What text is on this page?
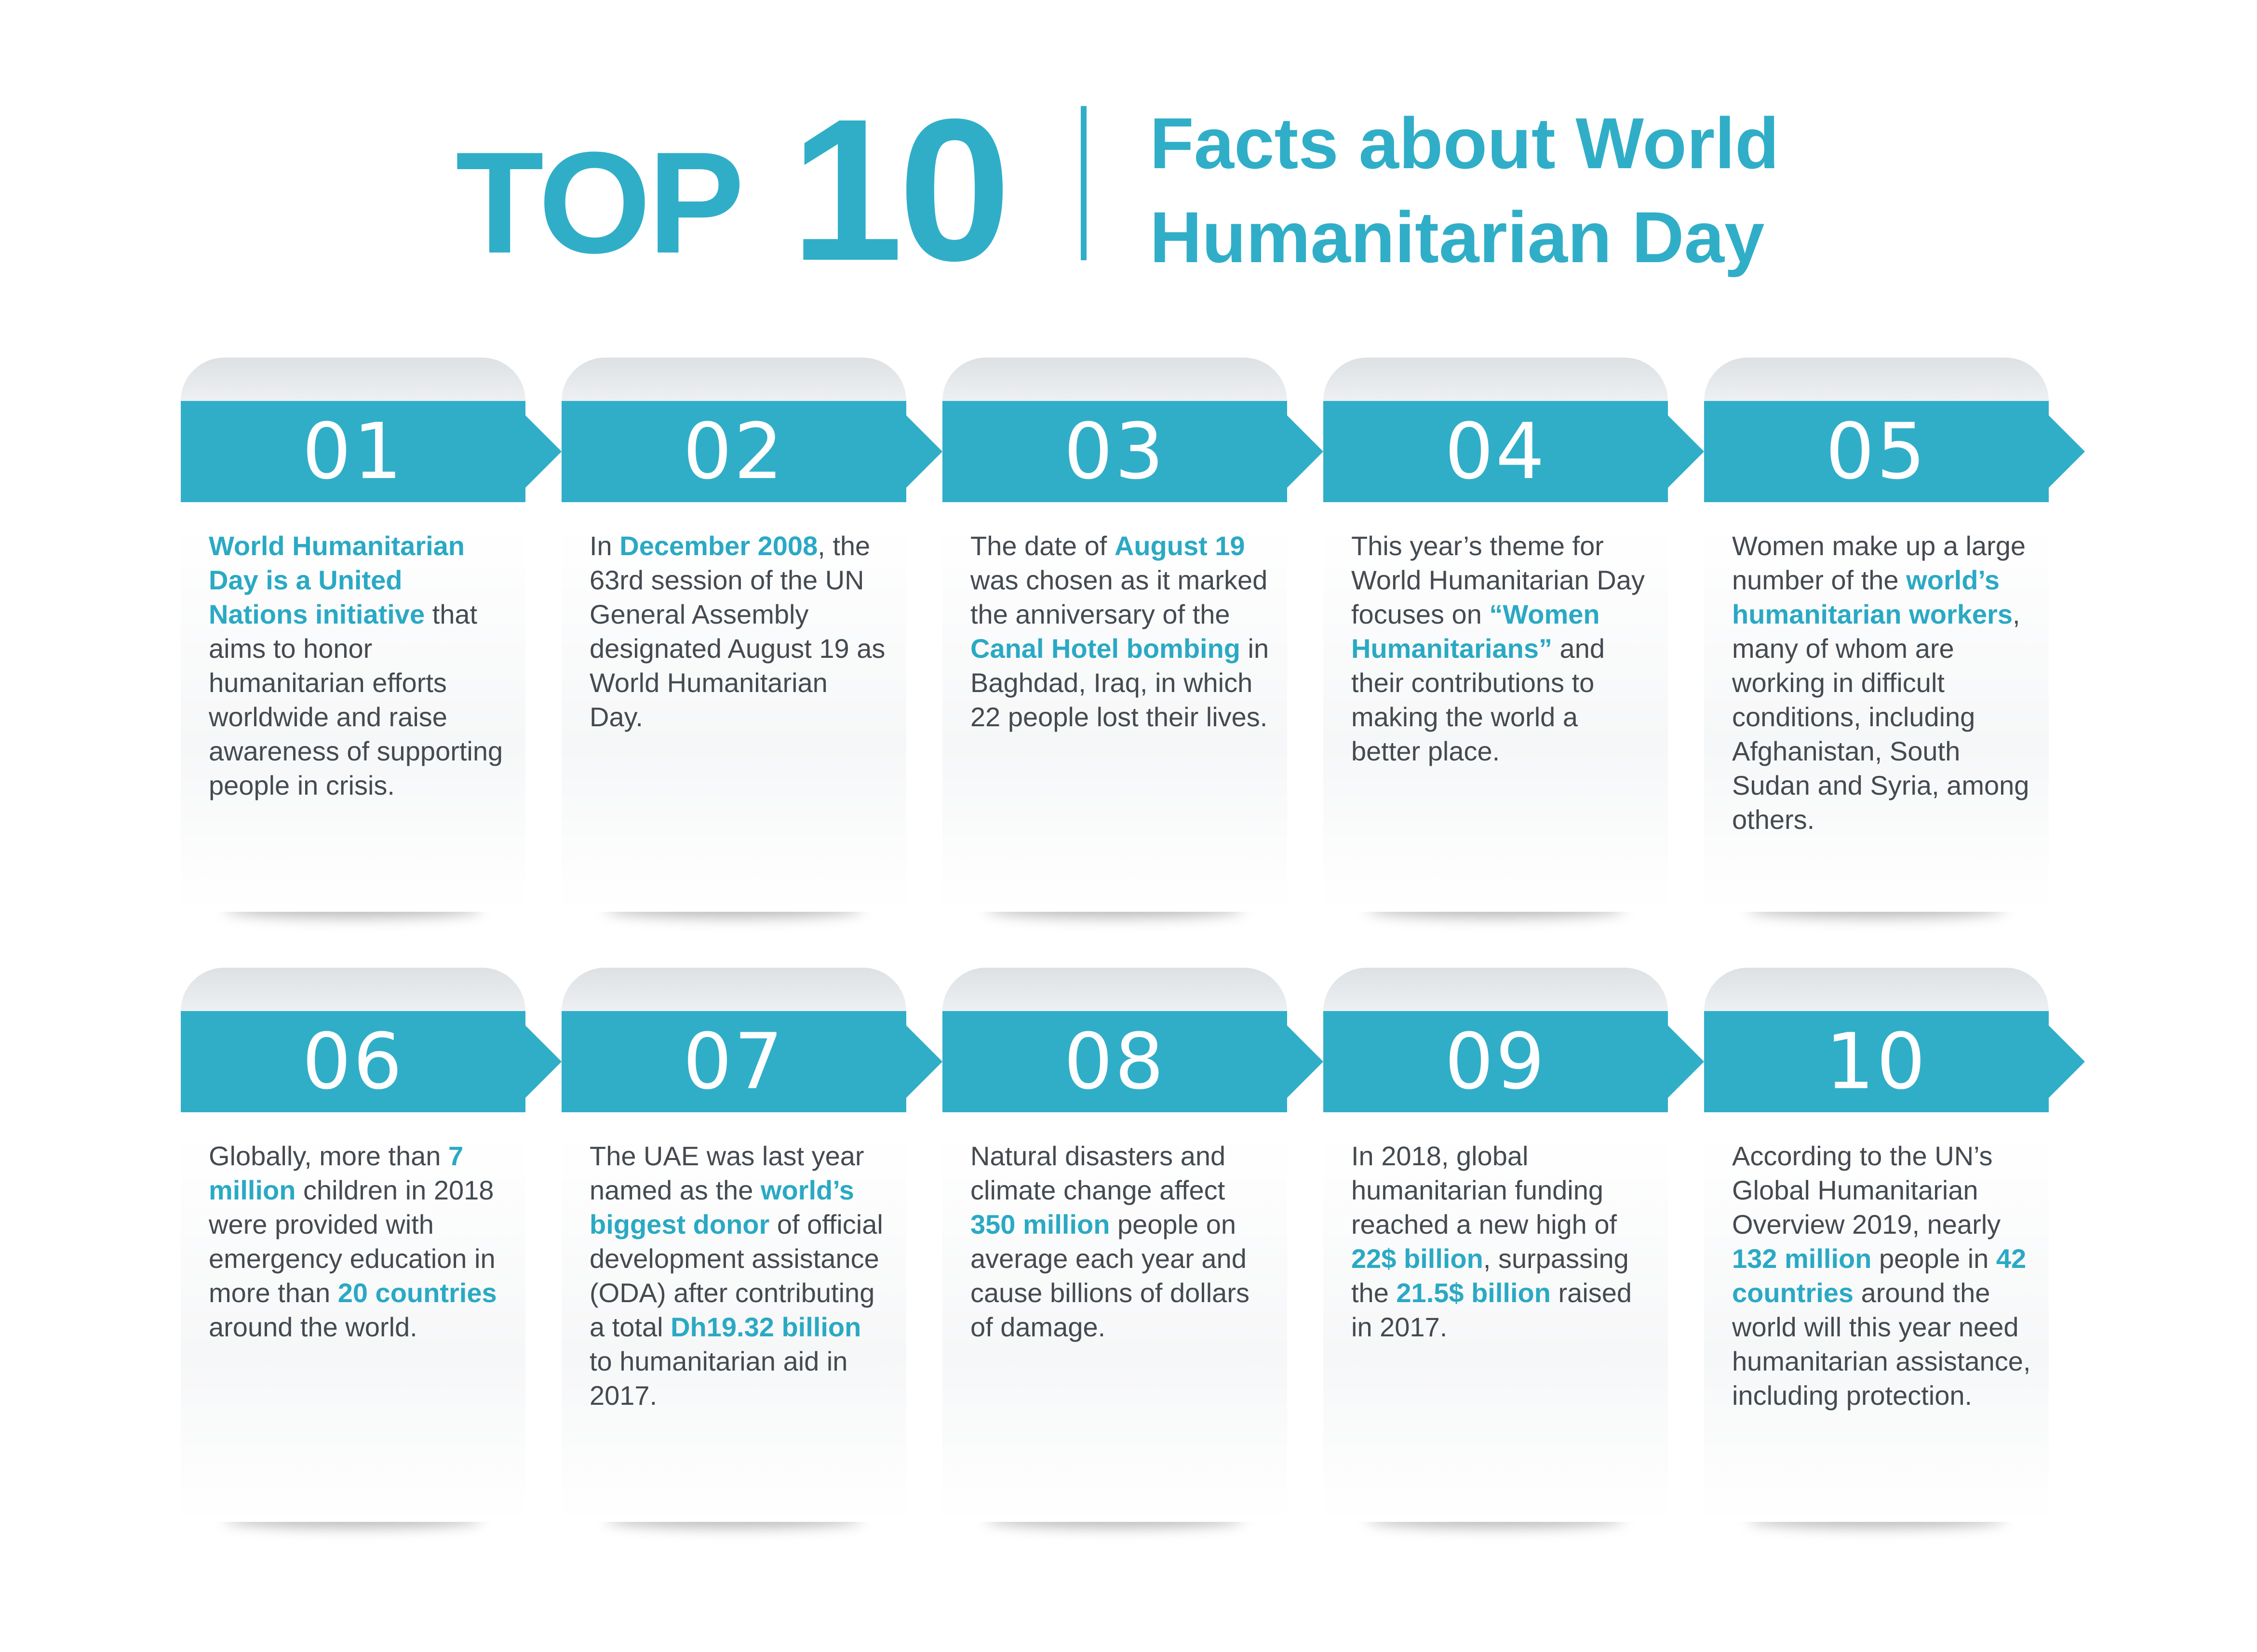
TOP 10 Facts about World
Humanitarian Day
01
World Humanitarian Day is a United Nations initiative that aims to honor humanitarian efforts worldwide and raise awareness of supporting people in crisis.
02
In December 2008, the 63rd session of the UN General Assembly designated August 19 as World Humanitarian Day.
03
The date of August 19 was chosen as it marked the anniversary of the Canal Hotel bombing in Baghdad, Iraq, in which 22 people lost their lives.
04
This year’s theme for World Humanitarian Day focuses on “Women Humanitarians” and their contributions to making the world a better place.
05
Women make up a large number of the world’s humanitarian workers, many of whom are working in difficult conditions, including Afghanistan, South Sudan and Syria, among others.
06
Globally, more than 7 million children in 2018 were provided with emergency education in more than 20 countries around the world.
07
The UAE was last year named as the world’s biggest donor of official development assistance (ODA) after contributing a total Dh19.32 billion to humanitarian aid in 2017.
08
Natural disasters and climate change affect 350 million people on average each year and cause billions of dollars of damage.
09
In 2018, global humanitarian funding reached a new high of 22$ billion, surpassing the 21.5$ billion raised in 2017.
10
According to the UN’s Global Humanitarian Overview 2019, nearly 132 million people in 42 countries around the world will this year need humanitarian assistance, including protection.
